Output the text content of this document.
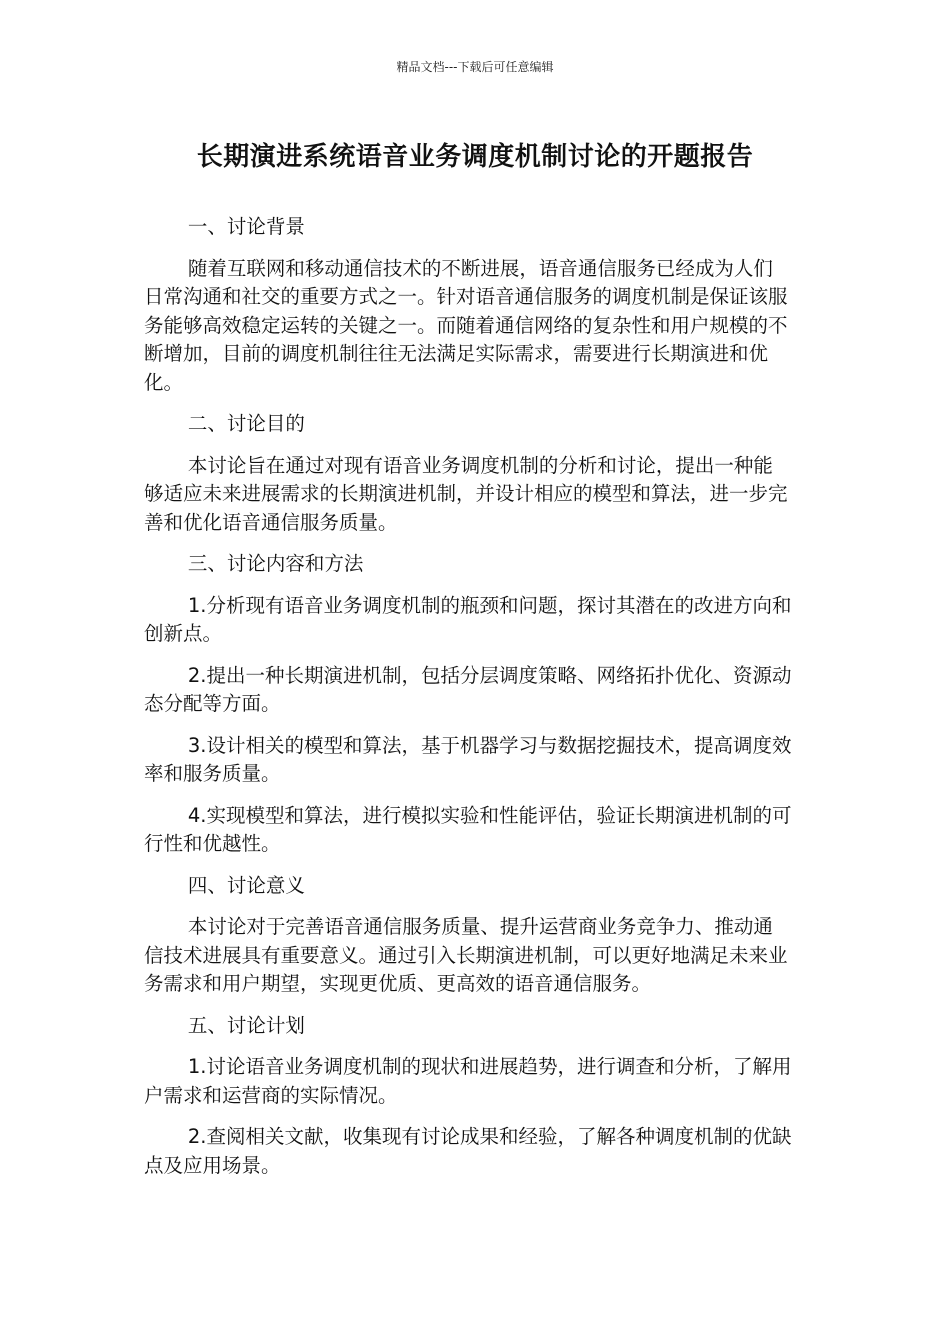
精品文档---下载后可任意编辑
长期演进系统语音业务调度机制讨论的开题报告

一、讨论背景

随着互联网和移动通信技术的不断进展，语音通信服务已经成为人们日常沟通和社交的重要方式之一。针对语音通信服务的调度机制是保证该服务能够高效稳定运转的关键之一。而随着通信网络的复杂性和用户规模的不断增加，目前的调度机制往往无法满足实际需求，需要进行长期演进和优化。

二、讨论目的

本讨论旨在通过对现有语音业务调度机制的分析和讨论，提出一种能够适应未来进展需求的长期演进机制，并设计相应的模型和算法，进一步完善和优化语音通信服务质量。

三、讨论内容和方法

1.分析现有语音业务调度机制的瓶颈和问题，探讨其潜在的改进方向和创新点。

2.提出一种长期演进机制，包括分层调度策略、网络拓扑优化、资源动态分配等方面。

3.设计相关的模型和算法，基于机器学习与数据挖掘技术，提高调度效率和服务质量。

4.实现模型和算法，进行模拟实验和性能评估，验证长期演进机制的可行性和优越性。

四、讨论意义

本讨论对于完善语音通信服务质量、提升运营商业务竞争力、推动通信技术进展具有重要意义。通过引入长期演进机制，可以更好地满足未来业务需求和用户期望，实现更优质、更高效的语音通信服务。

五、讨论计划

1.讨论语音业务调度机制的现状和进展趋势，进行调查和分析，了解用户需求和运营商的实际情况。

2.查阅相关文献，收集现有讨论成果和经验，了解各种调度机制的优缺点及应用场景。
